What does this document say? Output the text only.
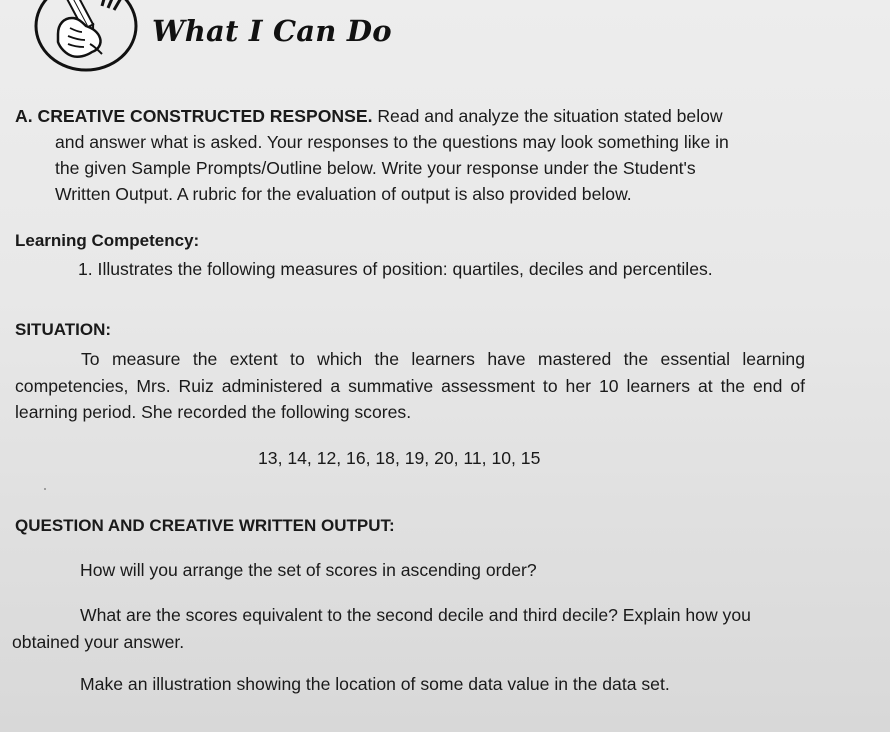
What I Can Do
A. CREATIVE CONSTRUCTED RESPONSE. Read and analyze the situation stated below
and answer what is asked. Your responses to the questions may look something like in
the given Sample Prompts/Outline below. Write your response under the Student's
Written Output. A rubric for the evaluation of output is also provided below.
Learning Competency:
1. Illustrates the following measures of position: quartiles, deciles and percentiles.
SITUATION:
To measure the extent to which the learners have mastered the essential learning competencies, Mrs. Ruiz administered a summative assessment to her 10 learners at the end of learning period. She recorded the following scores.
13, 14, 12, 16, 18, 19, 20, 11, 10, 15
QUESTION AND CREATIVE WRITTEN OUTPUT:
How will you arrange the set of scores in ascending order?
What are the scores equivalent to the second decile and third decile? Explain how you obtained your answer.
Make an illustration showing the location of some data value in the data set.
